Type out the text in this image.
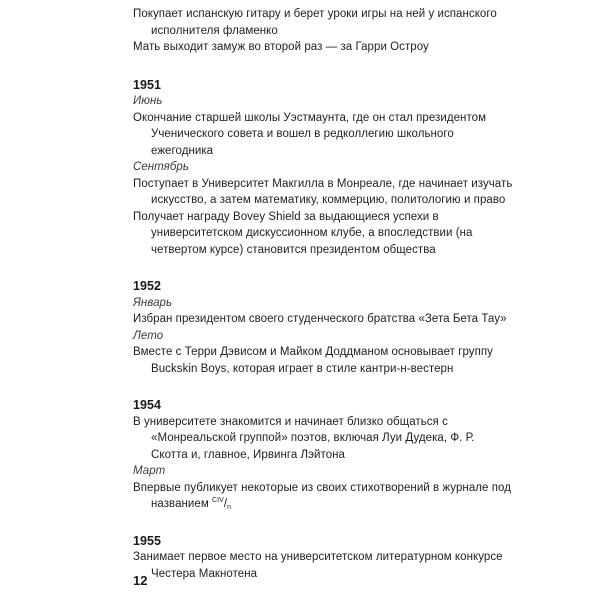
Покупает испанскую гитару и берет уроки игры на ней у испанского исполнителя фламенко

Мать выходит замуж во второй раз — за Гарри Остроу

1951

Июнь

Окончание старшей школы Уэстмаунта, где он стал президентом Ученического совета и вошел в редколлегию школьного ежегодника

Сентябрь

Поступает в Университет Макгилла в Монреале, где начинает изучать искусство, а затем математику, коммерцию, политологию и право

Получает награду Bovey Shield за выдающиеся успехи в университетском дискуссионном клубе, а впоследствии (на четвертом курсе) становится президентом общества

1952

Январь

Избран президентом своего студенческого братства «Зета Бета Тау»

Лето

Вместе с Терри Дэвисом и Майком Доддманом основывает группу Buckskin Boys, которая играет в стиле кантри-н-вестерн

1954

В университете знакомится и начинает близко общаться с «Монреальской группой» поэтов, включая Луи Дудека, Ф. Р. Скотта и, главное, Ирвинга Лэйтона

Март

Впервые публикует некоторые из своих стихотворений в журнале под названием CIV/n

1955

Занимает первое место на университетском литературном конкурсе Честера Макнотена

12
